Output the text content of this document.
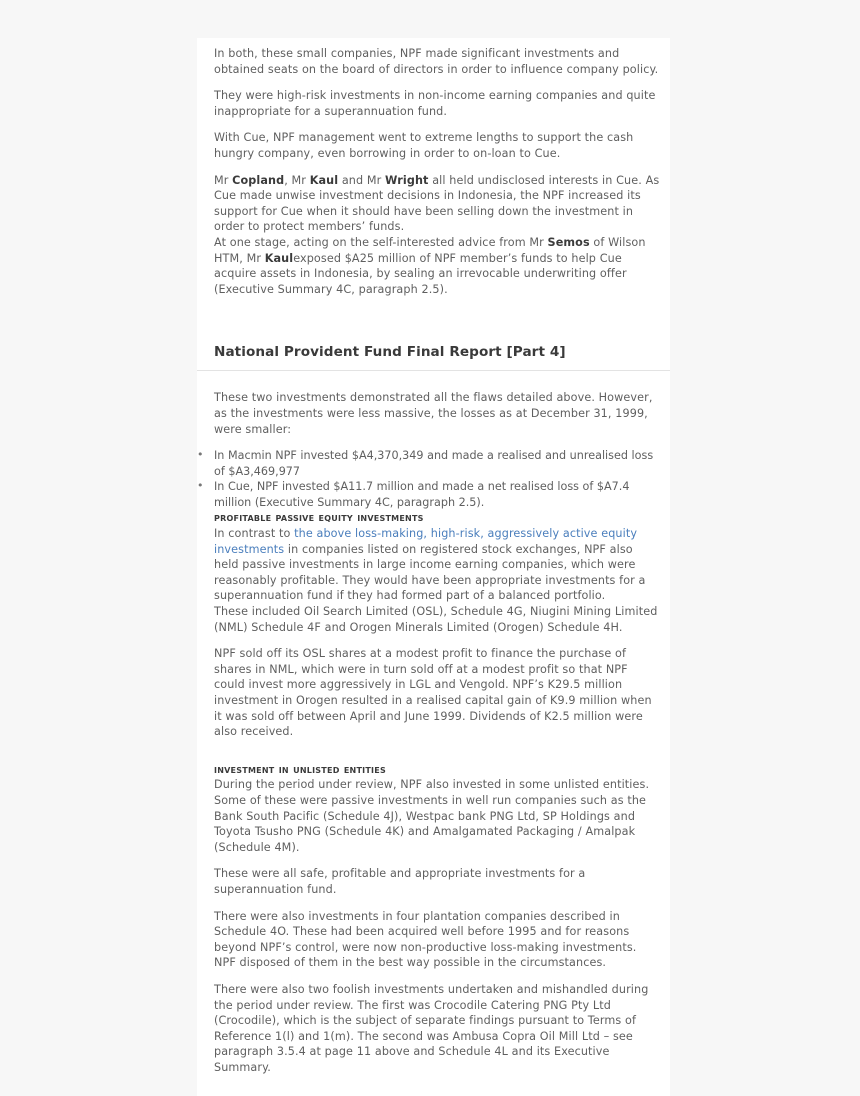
In both, these small companies, NPF made significant investments and obtained seats on the board of directors in order to influence company policy.

They were high-risk investments in non-income earning companies and quite inappropriate for a superannuation fund.

With Cue, NPF management went to extreme lengths to support the cash hungry company, even borrowing in order to on-loan to Cue.

Mr Copland, Mr Kaul and Mr Wright all held undisclosed interests in Cue. As Cue made unwise investment decisions in Indonesia, the NPF increased its support for Cue when it should have been selling down the investment in order to protect members’ funds.

At one stage, acting on the self-interested advice from Mr Semos of Wilson HTM, Mr Kaulexposed $A25 million of NPF member’s funds to help Cue acquire assets in Indonesia, by sealing an irrevocable underwriting offer (Executive Summary 4C, paragraph 2.5).

National Provident Fund Final Report [Part 4]

These two investments demonstrated all the flaws detailed above. However, as the investments were less massive, the losses as at December 31, 1999, were smaller:

• In Macmin NPF invested $A4,370,349 and made a realised and unrealised loss of $A3,469,977
• In Cue, NPF invested $A11.7 million and made a net realised loss of $A7.4 million (Executive Summary 4C, paragraph 2.5).
profitable passive equity investments

In contrast to the above loss-making, high-risk, aggressively active equity investments in companies listed on registered stock exchanges, NPF also held passive investments in large income earning companies, which were reasonably profitable. They would have been appropriate investments for a superannuation fund if they had formed part of a balanced portfolio.

These included Oil Search Limited (OSL), Schedule 4G, Niugini Mining Limited (NML) Schedule 4F and Orogen Minerals Limited (Orogen) Schedule 4H.

NPF sold off its OSL shares at a modest profit to finance the purchase of shares in NML, which were in turn sold off at a modest profit so that NPF could invest more aggressively in LGL and Vengold. NPF’s K29.5 million investment in Orogen resulted in a realised capital gain of K9.9 million when it was sold off between April and June 1999. Dividends of K2.5 million were also received.

investment in unlisted entities

During the period under review, NPF also invested in some unlisted entities. Some of these were passive investments in well run companies such as the Bank South Pacific (Schedule 4J), Westpac bank PNG Ltd, SP Holdings and Toyota Tsusho PNG (Schedule 4K) and Amalgamated Packaging / Amalpak (Schedule 4M).

These were all safe, profitable and appropriate investments for a superannuation fund.

There were also investments in four plantation companies described in Schedule 4O. These had been acquired well before 1995 and for reasons beyond NPF’s control, were now non-productive loss-making investments. NPF disposed of them in the best way possible in the circumstances.

There were also two foolish investments undertaken and mishandled during the period under review. The first was Crocodile Catering PNG Pty Ltd (Crocodile), which is the subject of separate findings pursuant to Terms of Reference 1(l) and 1(m). The second was Ambusa Copra Oil Mill Ltd – see paragraph 3.5.4 at page 11 above and Schedule 4L and its Executive Summary.
